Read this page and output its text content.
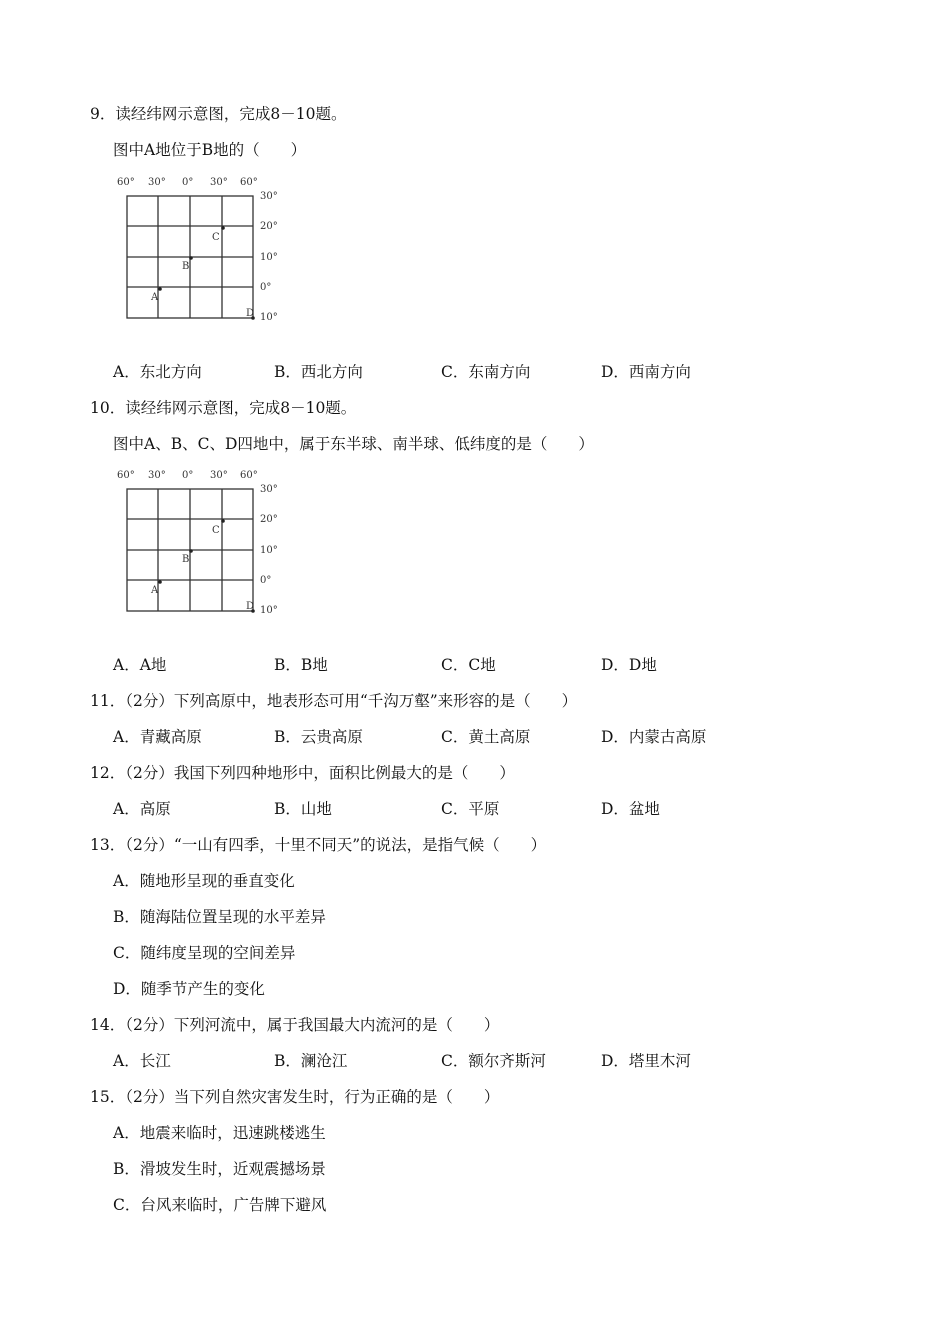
9．读经纬网示意图，完成8－10题。
图中A地位于B地的（　　）
60° 30° 0° 30° 60°
30°
20°
10°
0°
10°
A
B
C
D
A．东北方向	B．西北方向	C．东南方向	D．西南方向
10．读经纬网示意图，完成8－10题。
图中A、B、C、D四地中，属于东半球、南半球、低纬度的是（　　）
60° 30° 0° 30° 60°
30°
20°
10°
0°
10°
A
B
C
D
A．A地	B．B地	C．C地	D．D地
11．（2分）下列高原中，地表形态可用“千沟万壑”来形容的是（　　）
A．青藏高原	B．云贵高原	C．黄土高原	D．内蒙古高原
12．（2分）我国下列四种地形中，面积比例最大的是（　　）
A．高原	B．山地	C．平原	D．盆地
13．（2分）“一山有四季，十里不同天”的说法，是指气候（　　）
A．随地形呈现的垂直变化
B．随海陆位置呈现的水平差异
C．随纬度呈现的空间差异
D．随季节产生的变化
14．（2分）下列河流中，属于我国最大内流河的是（　　）
A．长江	B．澜沧江	C．额尔齐斯河	D．塔里木河
15．（2分）当下列自然灾害发生时，行为正确的是（　　）
A．地震来临时，迅速跳楼逃生
B．滑坡发生时，近观震撼场景
C．台风来临时，广告牌下避风
